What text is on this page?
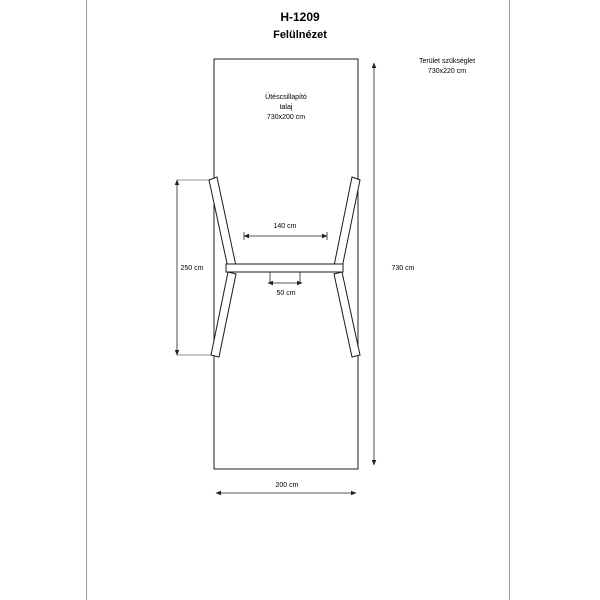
H-1209
Felülnézet
Terület szükséglet
730x220 cm
Ütéscsillapító
talaj
730x200 cm
140 cm
50 cm
250 cm	730 cm
200 cm
